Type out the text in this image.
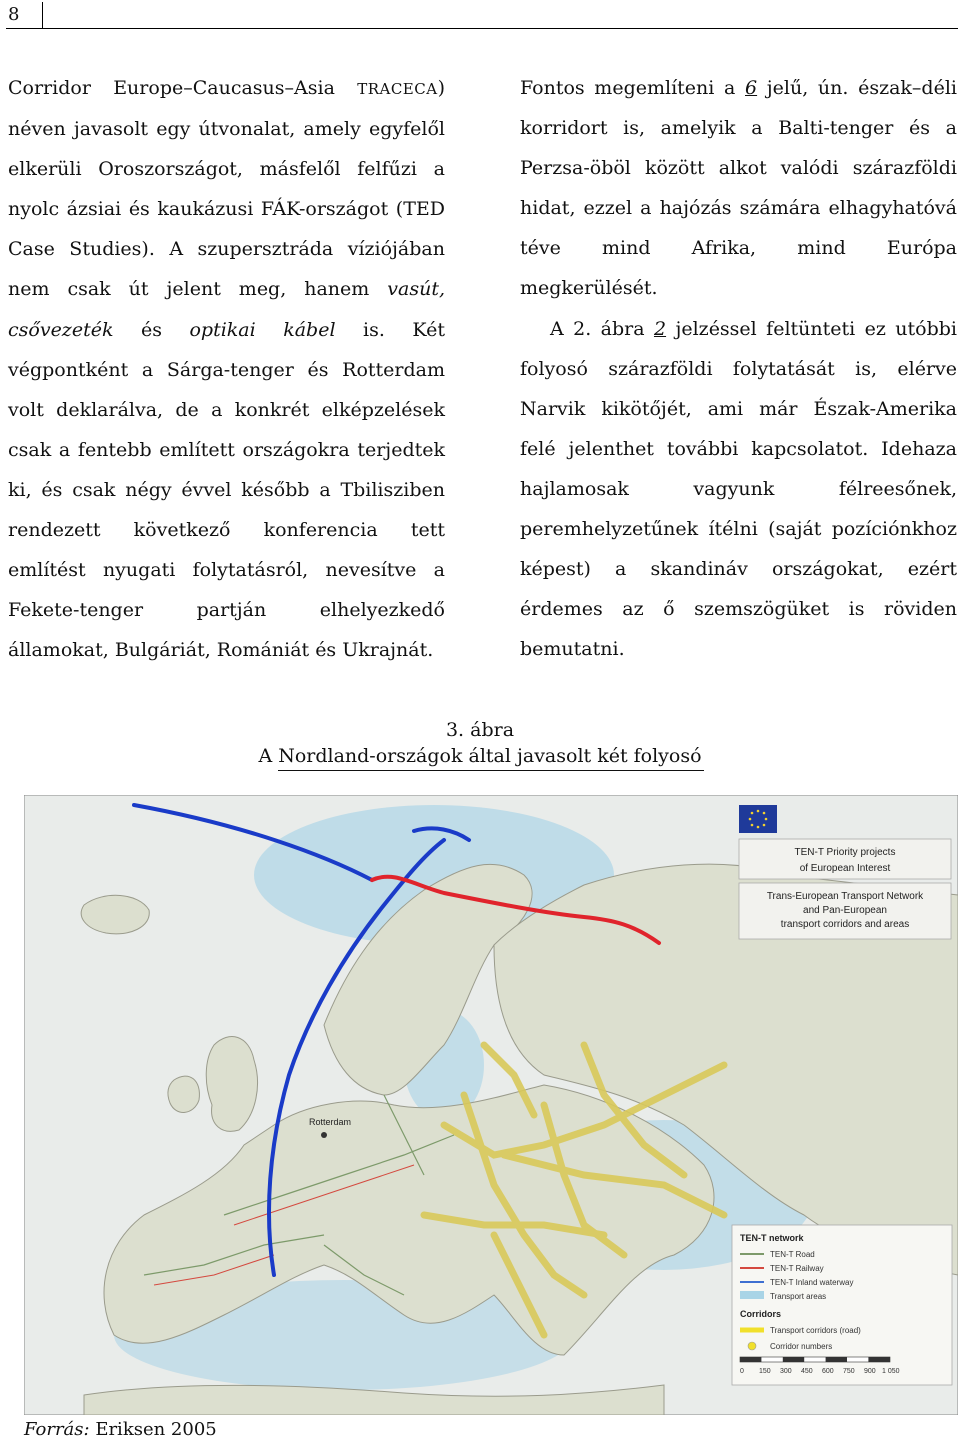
8

Corridor Europe–Caucasus–Asia TRACECA) néven javasolt egy útvonalat, amely egyfelől elkerüli Oroszországot, másfelől felfűzi a nyolc ázsiai és kaukázusi FÁK-országot (TED Case Studies). A szupersztráda víziójában nem csak út jelent meg, hanem vasút, csővezeték és optikai kábel is. Két végpontként a Sárga-tenger és Rotterdam volt deklarálva, de a konkrét elképzelések csak a fentebb említett országokra terjedtek ki, és csak négy évvel később a Tbilisziben rendezett következő konferencia tett említést nyugati folytatásról, nevesítve a Fekete-tenger partján elhelyezkedő államokat, Bulgáriát, Romániát és Ukrajnát.

Fontos megemlíteni a 6 jelű, ún. észak–déli korridort is, amelyik a Balti-tenger és a Perzsa-öböl között alkot valódi szárazföldi hidat, ezzel a hajózás számára elhagyhatóvá téve mind Afrika, mind Európa megkerülését.

A 2. ábra 2 jelzéssel feltünteti ez utóbbi folyosó szárazföldi folytatását is, elérve Narvik kikötőjét, ami már Észak-Amerika felé jelenthet további kapcsolatot. Idehaza hajlamosak vagyunk félreesőnek, peremhelyzetűnek ítélni (saját pozíciónkhoz képest) a skandináv országokat, ezért érdemes az ő szemszögüket is röviden bemutatni.

3. ábra
A Nordland-országok által javasolt két folyosó
Rotterdam
TEN-T Priority projects
of European Interest
Trans-European Transport Network
and Pan-European
transport corridors and areas
TEN-T network
TEN-T Road
TEN-T Railway
TEN-T Inland waterway
Transport areas
Corridors
Transport corridors (road)
Corridor numbers
0 150 300 450 600 750 900 1 050
Forrás: Eriksen 2005
